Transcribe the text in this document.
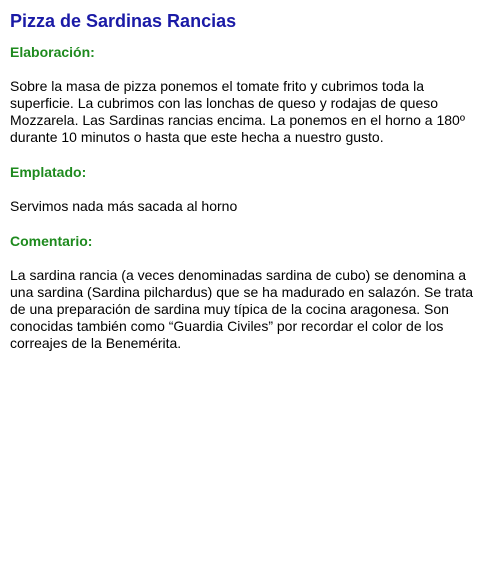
Pizza de Sardinas Rancias
Elaboración:

Sobre la masa de pizza ponemos el tomate frito y cubrimos toda la superficie. La cubrimos con las lonchas de queso y rodajas de queso Mozzarela. Las Sardinas rancias encima. La ponemos en el horno a 180º durante 10 minutos o hasta que este hecha a nuestro gusto.

Emplatado:

Servimos nada más sacada al horno

Comentario:

La sardina rancia (a veces denominadas sardina de cubo) se denomina a una sardina (Sardina pilchardus) que se ha madurado en salazón. Se trata de una preparación de sardina muy típica de la cocina aragonesa. Son conocidas también como “Guardia Civiles” por recordar el color de los correajes de la Benemérita.
